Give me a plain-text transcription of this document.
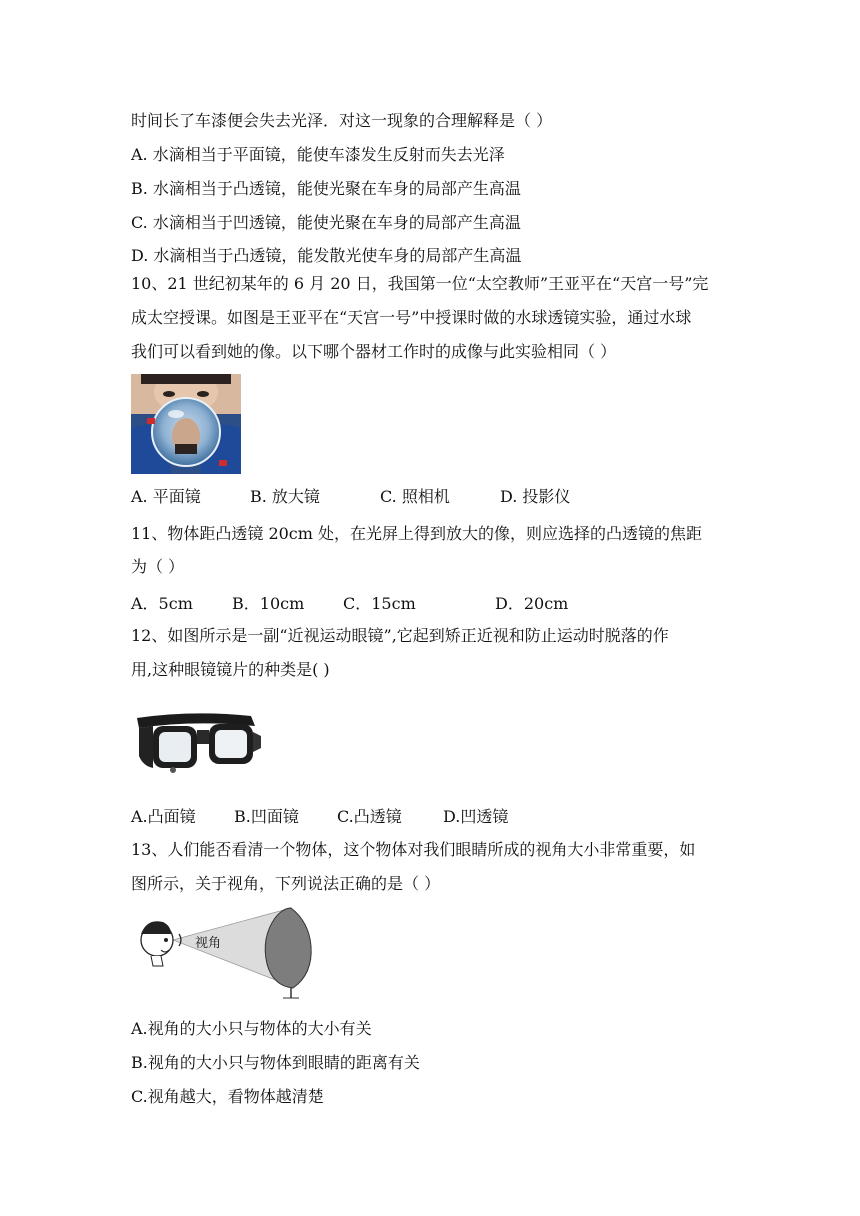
时间长了车漆便会失去光泽．对这一现象的合理解释是（ ）
A. 水滴相当于平面镜，能使车漆发生反射而失去光泽
B. 水滴相当于凸透镜，能使光聚在车身的局部产生高温
C. 水滴相当于凹透镜，能使光聚在车身的局部产生高温
D. 水滴相当于凸透镜，能发散光使车身的局部产生高温
10、21 世纪初某年的 6 月 20 日，我国第一位“太空教师”王亚平在“天宫一号”完
成太空授课。如图是王亚平在“天宫一号”中授课时做的水球透镜实验，通过水球
我们可以看到她的像。以下哪个器材工作时的成像与此实验相同（ ）
A. 平面镜	B. 放大镜	C. 照相机	D. 投影仪
11、物体距凸透镜 20cm 处，在光屏上得到放大的像，则应选择的凸透镜的焦距
为（ ）
A．5cm B．10cm C．15cm	D．20cm
12、如图所示是一副“近视运动眼镜”,它起到矫正近视和防止运动时脱落的作
用,这种眼镜镜片的种类是( )
A.凸面镜 B.凹面镜 C.凸透镜	D.凹透镜
13、人们能否看清一个物体，这个物体对我们眼睛所成的视角大小非常重要，如
图所示，关于视角，下列说法正确的是（ ）
视角
A.视角的大小只与物体的大小有关
B.视角的大小只与物体到眼睛的距离有关
C.视角越大，看物体越清楚
